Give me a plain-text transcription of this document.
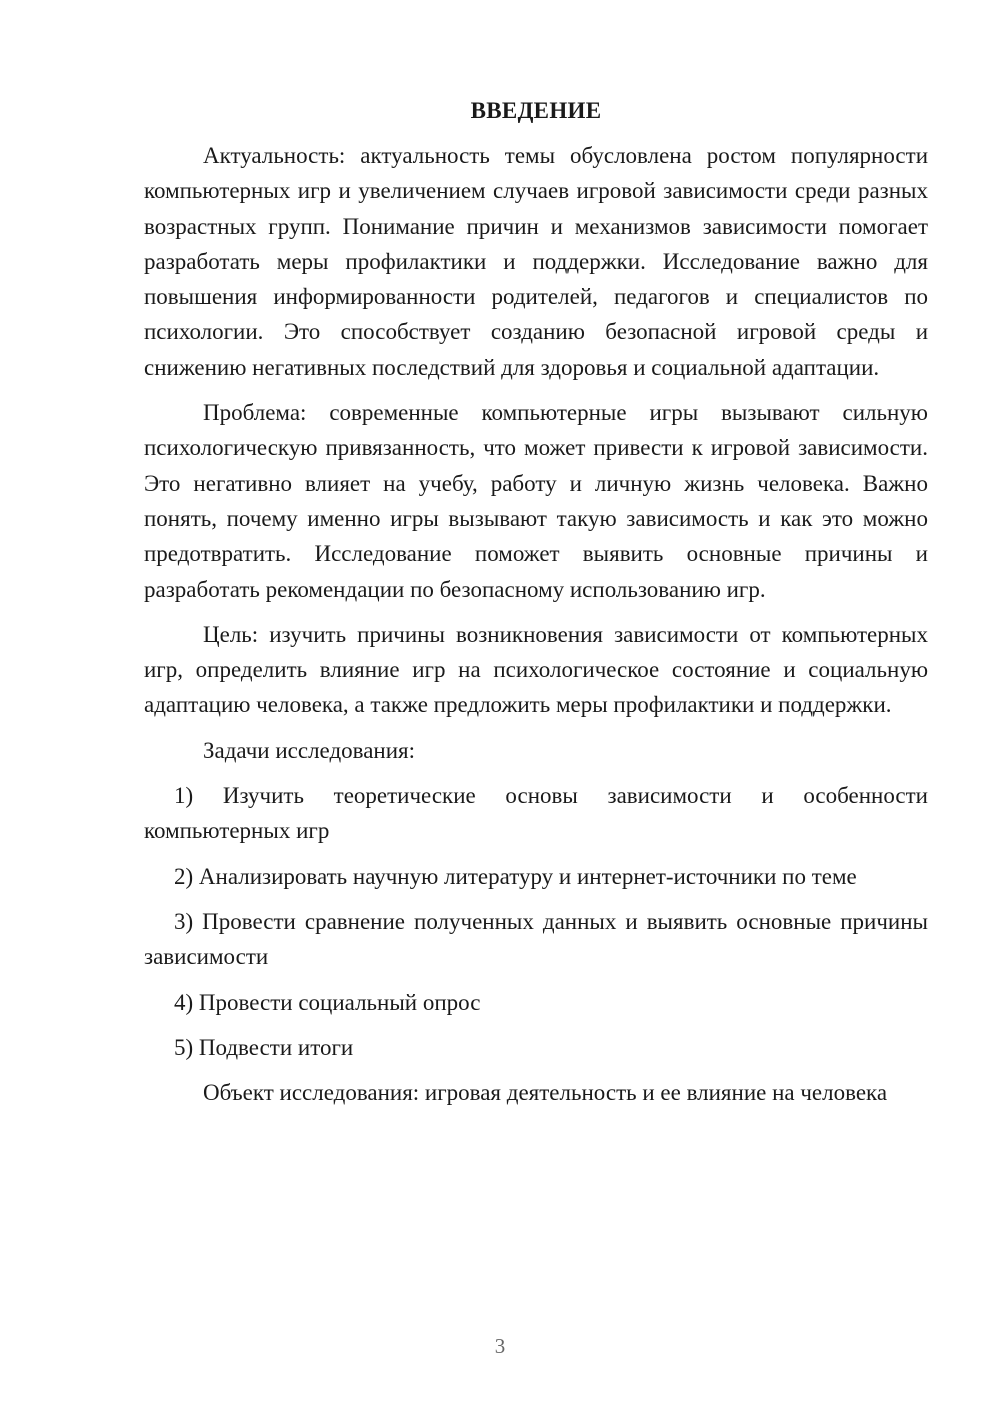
ВВЕДЕНИЕ

Актуальность: актуальность темы обусловлена ростом популярности компьютерных игр и увеличением случаев игровой зависимости среди разных возрастных групп. Понимание причин и механизмов зависимости помогает разработать меры профилактики и поддержки. Исследование важно для повышения информированности родителей, педагогов и специалистов по психологии. Это способствует созданию безопасной игровой среды и снижению негативных последствий для здоровья и социальной адаптации.

Проблема: современные компьютерные игры вызывают сильную психологическую привязанность, что может привести к игровой зависимости. Это негативно влияет на учебу, работу и личную жизнь человека. Важно понять, почему именно игры вызывают такую зависимость и как это можно предотвратить. Исследование поможет выявить основные причины и разработать рекомендации по безопасному использованию игр.

Цель: изучить причины возникновения зависимости от компьютерных игр, определить влияние игр на психологическое состояние и социальную адаптацию человека, а также предложить меры профилактики и поддержки.

Задачи исследования:

1) Изучить теоретические основы зависимости и особенности компьютерных игр

2) Анализировать научную литературу и интернет-источники по теме

3) Провести сравнение полученных данных и выявить основные причины зависимости

4) Провести социальный опрос

5) Подвести итоги

Объект исследования: игровая деятельность и ее влияние на человека

3
